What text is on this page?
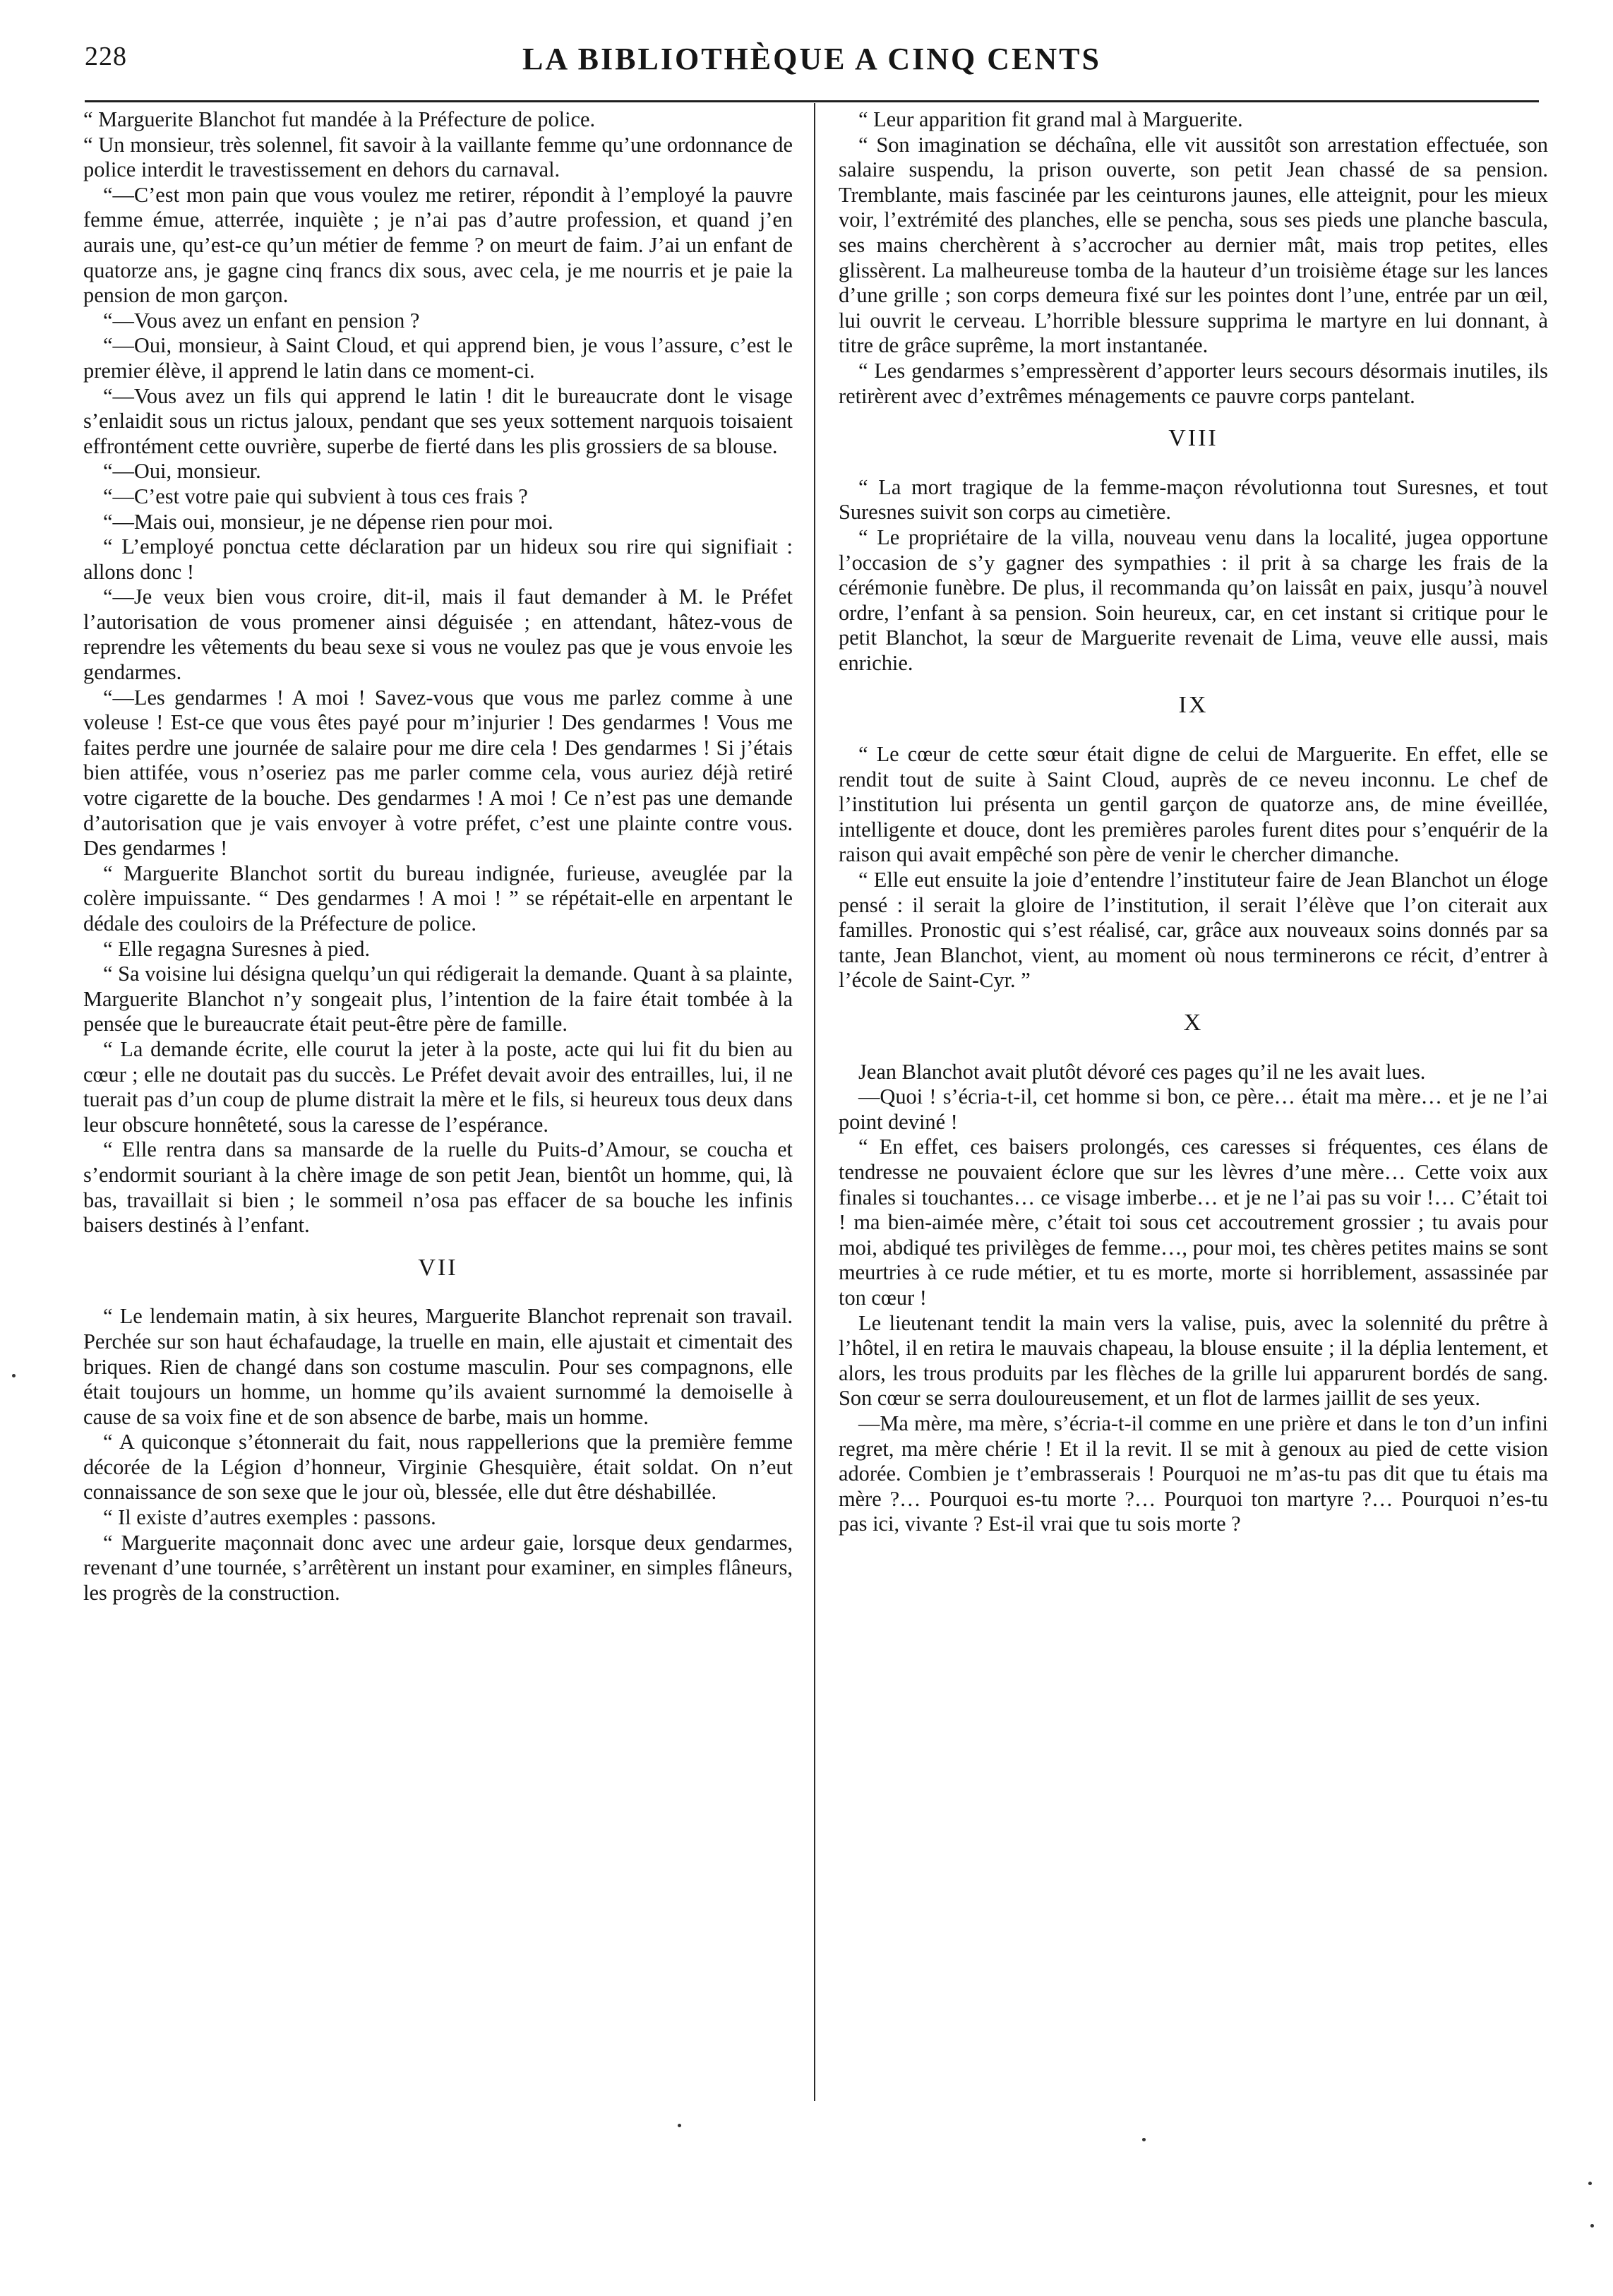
228	LA BIBLIOTHÈQUE A CINQ CENTS

“ Marguerite Blanchot fut mandée à la Préfecture de police.

“ Un monsieur, très solennel, fit savoir à la vaillante femme qu’une ordonnance de police interdit le travestissement en dehors du carnaval.

“—C’est mon pain que vous voulez me retirer, répondit à l’employé la pauvre femme émue, atterrée, inquiète ; je n’ai pas d’autre profession, et quand j’en aurais une, qu’est-ce qu’un métier de femme ? on meurt de faim. J’ai un enfant de quatorze ans, je gagne cinq francs dix sous, avec cela, je me nourris et je paie la pension de mon garçon.

“—Vous avez un enfant en pension ?

“—Oui, monsieur, à Saint Cloud, et qui apprend bien, je vous l’assure, c’est le premier élève, il apprend le latin dans ce moment-ci.

“—Vous avez un fils qui apprend le latin ! dit le bureaucrate dont le visage s’enlaidit sous un rictus jaloux, pendant que ses yeux sottement narquois toisaient effrontément cette ouvrière, superbe de fierté dans les plis grossiers de sa blouse.

“—Oui, monsieur.

“—C’est votre paie qui subvient à tous ces frais ?

“—Mais oui, monsieur, je ne dépense rien pour moi.

“ L’employé ponctua cette déclaration par un hideux sou rire qui signifiait : allons donc !

“—Je veux bien vous croire, dit-il, mais il faut demander à M. le Préfet l’autorisation de vous promener ainsi déguisée ; en attendant, hâtez-vous de reprendre les vêtements du beau sexe si vous ne voulez pas que je vous envoie les gendarmes.

“—Les gendarmes ! A moi ! Savez-vous que vous me parlez comme à une voleuse ! Est-ce que vous êtes payé pour m’injurier ! Des gendarmes ! Vous me faites perdre une journée de salaire pour me dire cela ! Des gendarmes ! Si j’étais bien attifée, vous n’oseriez pas me parler comme cela, vous auriez déjà retiré votre cigarette de la bouche. Des gendarmes ! A moi ! Ce n’est pas une demande d’autorisation que je vais envoyer à votre préfet, c’est une plainte contre vous. Des gendarmes !

“ Marguerite Blanchot sortit du bureau indignée, furieuse, aveuglée par la colère impuissante. “ Des gendarmes ! A moi ! ” se répétait-elle en arpentant le dédale des couloirs de la Préfecture de police.

“ Elle regagna Suresnes à pied.

“ Sa voisine lui désigna quelqu’un qui rédigerait la demande. Quant à sa plainte, Marguerite Blanchot n’y songeait plus, l’intention de la faire était tombée à la pensée que le bureaucrate était peut-être père de famille.

“ La demande écrite, elle courut la jeter à la poste, acte qui lui fit du bien au cœur ; elle ne doutait pas du succès. Le Préfet devait avoir des entrailles, lui, il ne tuerait pas d’un coup de plume distrait la mère et le fils, si heureux tous deux dans leur obscure honnêteté, sous la caresse de l’espérance.

“ Elle rentra dans sa mansarde de la ruelle du Puits-d’Amour, se coucha et s’endormit souriant à la chère image de son petit Jean, bientôt un homme, qui, là bas, travaillait si bien ; le sommeil n’osa pas effacer de sa bouche les infinis baisers destinés à l’enfant.

VII

“ Le lendemain matin, à six heures, Marguerite Blanchot reprenait son travail. Perchée sur son haut échafaudage, la truelle en main, elle ajustait et cimentait des briques. Rien de changé dans son costume masculin. Pour ses compagnons, elle était toujours un homme, un homme qu’ils avaient surnommé la demoiselle à cause de sa voix fine et de son absence de barbe, mais un homme.

“ A quiconque s’étonnerait du fait, nous rappellerions que la première femme décorée de la Légion d’honneur, Virginie Ghesquière, était soldat. On n’eut connaissance de son sexe que le jour où, blessée, elle dut être déshabillée.

“ Il existe d’autres exemples : passons.

“ Marguerite maçonnait donc avec une ardeur gaie, lorsque deux gendarmes, revenant d’une tournée, s’arrêtèrent un instant pour examiner, en simples flâneurs, les progrès de la construction.

“ Leur apparition fit grand mal à Marguerite.

“ Son imagination se déchaîna, elle vit aussitôt son arrestation effectuée, son salaire suspendu, la prison ouverte, son petit Jean chassé de sa pension. Tremblante, mais fascinée par les ceinturons jaunes, elle atteignit, pour les mieux voir, l’extrémité des planches, elle se pencha, sous ses pieds une planche bascula, ses mains cherchèrent à s’accrocher au dernier mât, mais trop petites, elles glissèrent. La malheureuse tomba de la hauteur d’un troisième étage sur les lances d’une grille ; son corps demeura fixé sur les pointes dont l’une, entrée par un œil, lui ouvrit le cerveau. L’horrible blessure supprima le martyre en lui donnant, à titre de grâce suprême, la mort instantanée.

“ Les gendarmes s’empressèrent d’apporter leurs secours désormais inutiles, ils retirèrent avec d’extrêmes ménagements ce pauvre corps pantelant.

VIII

“ La mort tragique de la femme-maçon révolutionna tout Suresnes, et tout Suresnes suivit son corps au cimetière.

“ Le propriétaire de la villa, nouveau venu dans la localité, jugea opportune l’occasion de s’y gagner des sympathies : il prit à sa charge les frais de la cérémonie funèbre. De plus, il recommanda qu’on laissât en paix, jusqu’à nouvel ordre, l’enfant à sa pension. Soin heureux, car, en cet instant si critique pour le petit Blanchot, la sœur de Marguerite revenait de Lima, veuve elle aussi, mais enrichie.

IX

“ Le cœur de cette sœur était digne de celui de Marguerite. En effet, elle se rendit tout de suite à Saint Cloud, auprès de ce neveu inconnu. Le chef de l’institution lui présenta un gentil garçon de quatorze ans, de mine éveillée, intelligente et douce, dont les premières paroles furent dites pour s’enquérir de la raison qui avait empêché son père de venir le chercher dimanche.

“ Elle eut ensuite la joie d’entendre l’instituteur faire de Jean Blanchot un éloge pensé : il serait la gloire de l’institution, il serait l’élève que l’on citerait aux familles. Pronostic qui s’est réalisé, car, grâce aux nouveaux soins donnés par sa tante, Jean Blanchot, vient, au moment où nous terminerons ce récit, d’entrer à l’école de Saint-Cyr. ”

X

Jean Blanchot avait plutôt dévoré ces pages qu’il ne les avait lues.

—Quoi ! s’écria-t-il, cet homme si bon, ce père… était ma mère… et je ne l’ai point deviné !

“ En effet, ces baisers prolongés, ces caresses si fréquentes, ces élans de tendresse ne pouvaient éclore que sur les lèvres d’une mère… Cette voix aux finales si touchantes… ce visage imberbe… et je ne l’ai pas su voir !… C’était toi ! ma bien-aimée mère, c’était toi sous cet accoutrement grossier ; tu avais pour moi, abdiqué tes privilèges de femme…, pour moi, tes chères petites mains se sont meurtries à ce rude métier, et tu es morte, morte si horriblement, assassinée par ton cœur !

Le lieutenant tendit la main vers la valise, puis, avec la solennité du prêtre à l’hôtel, il en retira le mauvais chapeau, la blouse ensuite ; il la déplia lentement, et alors, les trous produits par les flèches de la grille lui apparurent bordés de sang. Son cœur se serra douloureusement, et un flot de larmes jaillit de ses yeux.

—Ma mère, ma mère, s’écria-t-il comme en une prière et dans le ton d’un infini regret, ma mère chérie ! Et il la revit. Il se mit à genoux au pied de cette vision adorée. Combien je t’embrasserais ! Pourquoi ne m’as-tu pas dit que tu étais ma mère ?… Pourquoi es-tu morte ?… Pourquoi ton martyre ?… Pourquoi n’es-tu pas ici, vivante ? Est-il vrai que tu sois morte ?
